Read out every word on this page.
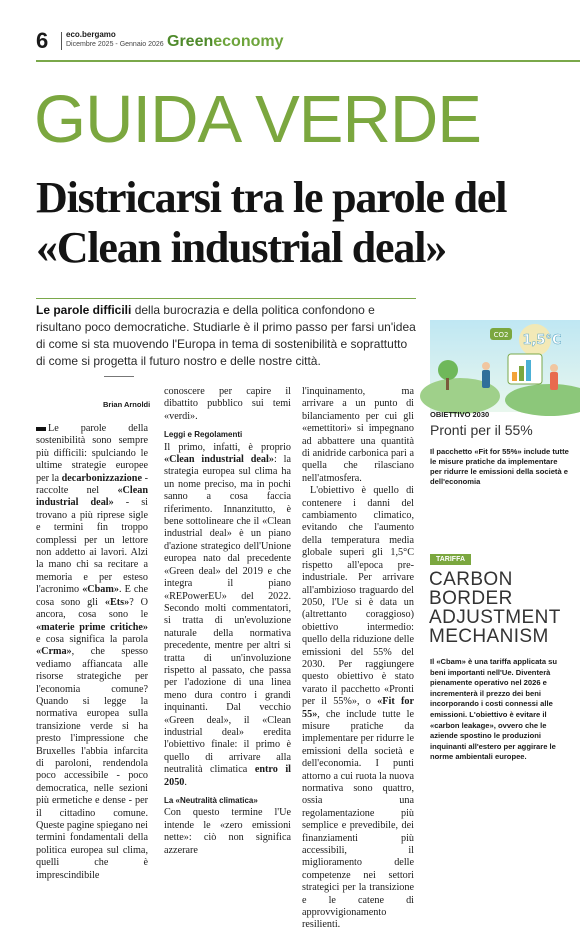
6 eco.bergamo
Dicembre 2025 - Gennaio 2026 Greeneconomy
GUIDA VERDE
Districarsi tra le parole del «Clean industrial deal»
Le parole difficili della burocrazia e della politica confondono e risultano poco democratiche. Studiarle è il primo passo per farsi un'idea di come si sta muovendo l'Europa in tema di sostenibilità e soprattutto di come si progetta il futuro nostro e delle nostre città.
CO2 1,5°C
Brian Arnoldi

Le parole della sostenibilità sono sempre più difficili: spulciando le ultime strategie europee per la decarbonizzazione - raccolte nel «Clean industrial deal» - si trovano a più riprese sigle e termini fin troppo complessi per un lettore non addetto ai lavori. Alzi la mano chi sa recitare a memoria e per esteso l'acronimo «Cbam». E che cosa sono gli «Ets»? O ancora, cosa sono le «materie prime critiche» e cosa significa la parola «Crma», che spesso vediamo affiancata alle risorse strategiche per l'economia comune? Quando si legge la normativa europea sulla transizione verde si ha presto l'impressione che Bruxelles l'abbia infarcita di paroloni, rendendola poco accessibile - poco democratica, nelle sezioni più ermetiche e dense - per il cittadino comune. Queste pagine spiegano nei termini fondamentali della politica europea sul clima, quelli che è imprescindibile

conoscere per capire il dibattito pubblico sui temi «verdi».

Leggi e Regolamenti

Il primo, infatti, è proprio «Clean industrial deal»: la strategia europea sul clima ha un nome preciso, ma in pochi sanno a cosa faccia riferimento. Innanzitutto, è bene sottolineare che il «Clean industrial deal» è un piano d'azione strategico dell'Unione europea nato dal precedente «Green deal» del 2019 e che integra il piano «REPowerEU» del 2022. Secondo molti commentatori, si tratta di un'evoluzione naturale della normativa precedente, mentre per altri si tratta di un'involuzione rispetto al passato, che passa per l'adozione di una linea meno dura contro i grandi inquinanti. Dal vecchio «Green deal», il «Clean industrial deal» eredita l'obiettivo finale: il primo è quello di arrivare alla neutralità climatica entro il 2050.

La «Neutralità climatica»

Con questo termine l'Ue intende le «zero emissioni nette»: ciò non significa azzerare

l'inquinamento, ma arrivare a un punto di bilanciamento per cui gli «emettitori» si impegnano ad abbattere una quantità di anidride carbonica pari a quella che rilasciano nell'atmosfera.

L'obiettivo è quello di contenere i danni del cambiamento climatico, evitando che l'aumento della temperatura media globale superi gli 1,5°C rispetto all'epoca pre-industriale. Per arrivare all'ambizioso traguardo del 2050, l'Ue si è data un (altrettanto coraggioso) obiettivo intermedio: quello della riduzione delle emissioni del 55% del 2030. Per raggiungere questo obiettivo è stato varato il pacchetto «Pronti per il 55%», o «Fit for 55», che include tutte le misure pratiche da implementare per ridurre le emissioni della società e dell'economia. I punti attorno a cui ruota la nuova normativa sono quattro, ossia una regolamentazione più semplice e prevedibile, dei finanziamenti più accessibili, il miglioramento delle competenze nei settori strategici per la transizione e le catene di approvvigionamento resilienti.

OBIETTIVO 2030
Pronti per il 55%
Il pacchetto «Fit for 55%» include tutte le misure pratiche da implementare per ridurre le emissioni della società e dell'economia
TARIFFA
CARBON BORDER ADJUSTMENT MECHANISM
Il «Cbam» è una tariffa applicata su beni importanti nell'Ue. Diventerà pienamente operativo nel 2026 e incrementerà il prezzo dei beni incorporando i costi connessi alle emissioni. L'obiettivo è evitare il «carbon leakage», ovvero che le aziende spostino le produzioni inquinanti all'estero per aggirare le norme ambientali europee.
